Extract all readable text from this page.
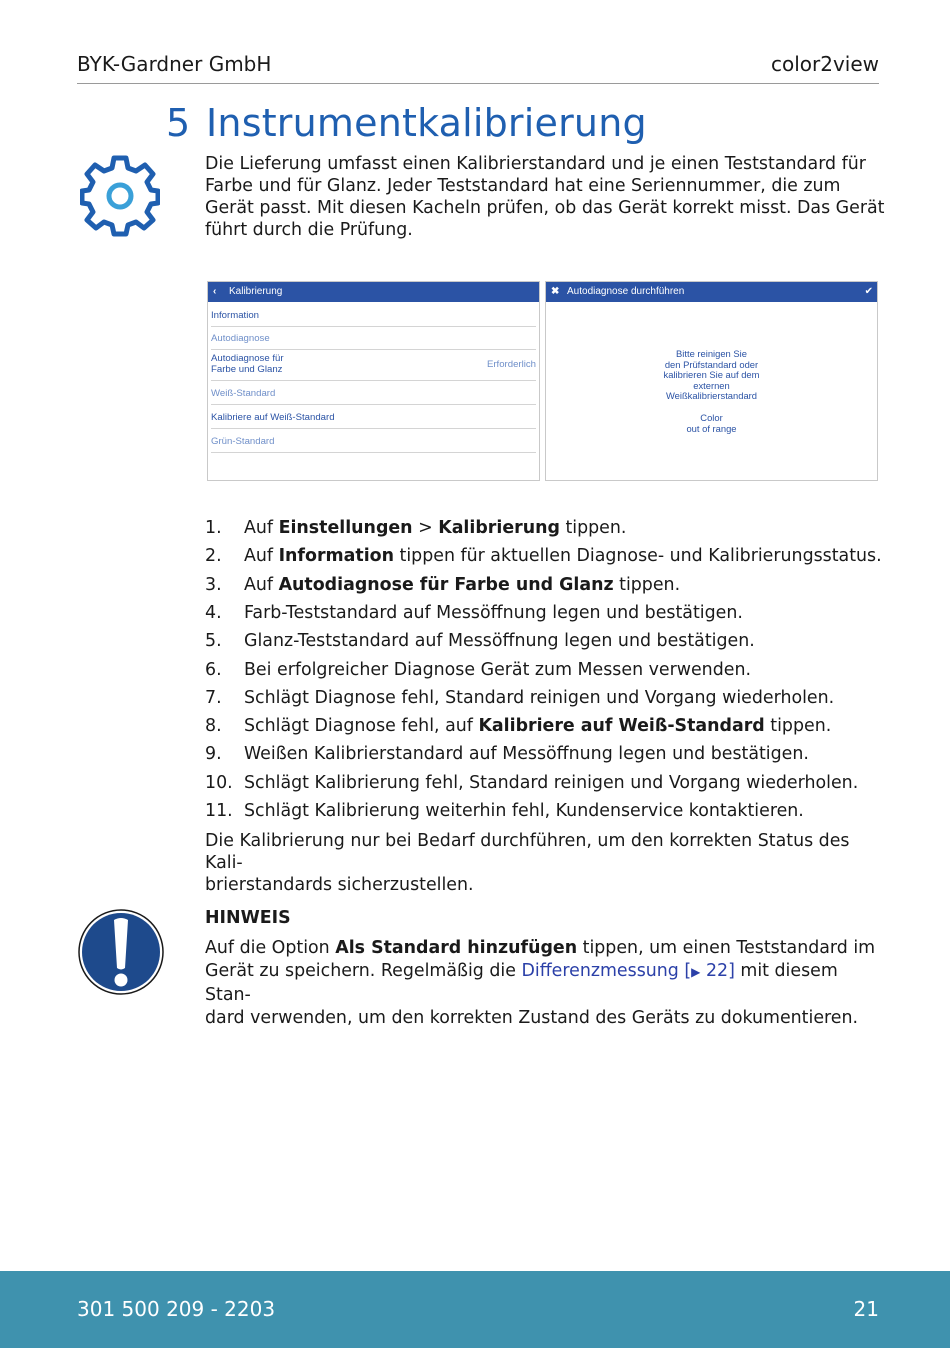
BYK-Gardner GmbH	color2view
5 Instrumentkalibrierung
Die Lieferung umfasst einen Kalibrierstandard und je einen Teststandard für Farbe und für Glanz. Jeder Teststandard hat eine Seriennummer, die zum Gerät passt. Mit diesen Kacheln prüfen, ob das Gerät korrekt misst. Das Gerät führt durch die Prüfung.
‹ Kalibrierung
Information
Autodiagnose
Autodiagnose für
Farbe und Glanz	Erforderlich
Weiß-Standard
Kalibriere auf Weiß-Standard
Grün-Standard
✖ Autodiagnose durchführen	✔
Bitte reinigen Sie
den Prüfstandard oder
kalibrieren Sie auf dem
externen
Weißkalibrierstandard
Color
out of range
1. Auf Einstellungen > Kalibrierung tippen.
2. Auf Information tippen für aktuellen Diagnose- und Kalibrierungsstatus.
3. Auf Autodiagnose für Farbe und Glanz tippen.
4. Farb-Teststandard auf Messöffnung legen und bestätigen.
5. Glanz-Teststandard auf Messöffnung legen und bestätigen.
6. Bei erfolgreicher Diagnose Gerät zum Messen verwenden.
7. Schlägt Diagnose fehl, Standard reinigen und Vorgang wiederholen.
8. Schlägt Diagnose fehl, auf Kalibriere auf Weiß-Standard tippen.
9. Weißen Kalibrierstandard auf Messöffnung legen und bestätigen.
10. Schlägt Kalibrierung fehl, Standard reinigen und Vorgang wiederholen.
11. Schlägt Kalibrierung weiterhin fehl, Kundenservice kontaktieren.
Die Kalibrierung nur bei Bedarf durchführen, um den korrekten Status des Kali-
brierstandards sicherzustellen.
HINWEIS
Auf die Option Als Standard hinzufügen tippen, um einen Teststandard im
Gerät zu speichern. Regelmäßig die Differenzmessung [▶ 22] mit diesem Stan-
dard verwenden, um den korrekten Zustand des Geräts zu dokumentieren.
301 500 209 - 2203	21
